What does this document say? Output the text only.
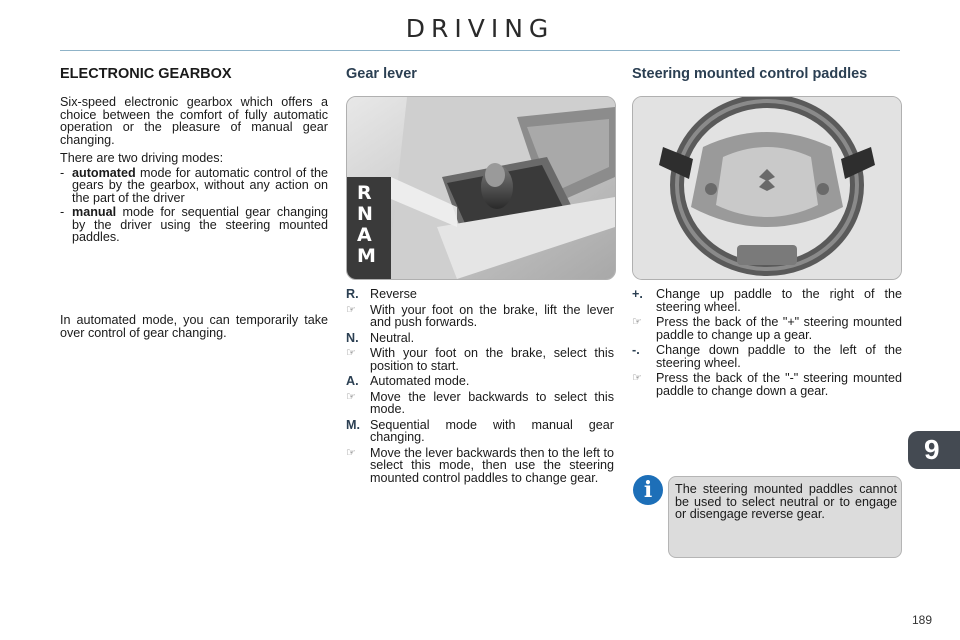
DRIVING
ELECTRONIC GEARBOX

Six-speed electronic gearbox which offers a choice between the comfort of fully automatic operation or the pleasure of manual gear changing.

There are two driving modes:

- automated mode for automatic control of the gears by the gearbox, without any action on the part of the driver
- manual mode for sequential gear changing by the driver using the steering mounted paddles.

In automated mode, you can temporarily take over control of gear changing.

Gear lever
R
N
A
M
R. Reverse
☞	With your foot on the brake, lift the lever and push forwards.
N. Neutral.
☞	With your foot on the brake, select this position to start.
A. Automated mode.
☞	Move the lever backwards to select this mode.
M. Sequential mode with manual gear changing.
☞	Move the lever backwards then to the left to select this mode, then use the steering mounted control paddles to change gear.
Steering mounted control paddles
+.	Change up paddle to the right of the steering wheel.
☞	Press the back of the "+" steering mounted paddle to change up a gear.
-.	Change down paddle to the left of the steering wheel.
☞	Press the back of the "-" steering mounted paddle to change down a gear.
i	The steering mounted paddles cannot be used to select neutral or to engage or disengage reverse gear.

9
189
